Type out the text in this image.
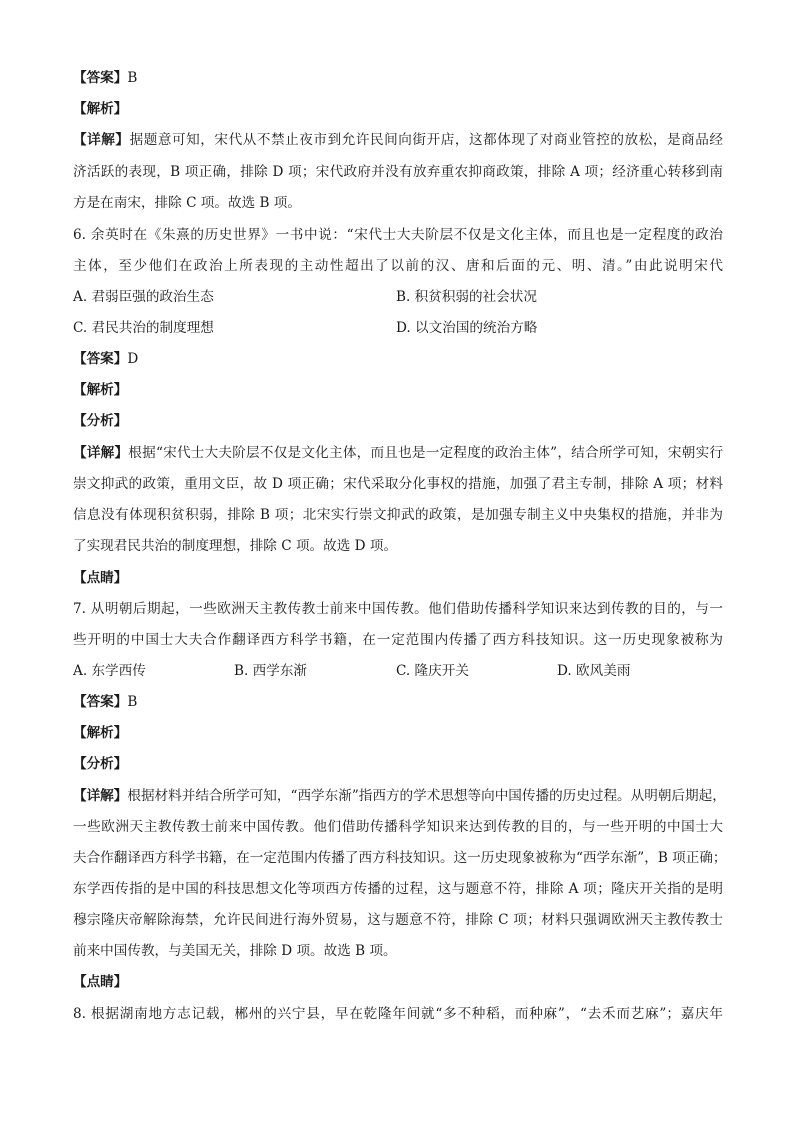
【答案】B
【解析】
【详解】据题意可知，宋代从不禁止夜市到允许民间向街开店，这都体现了对商业管控的放松，是商品经
济活跃的表现，B 项正确，排除 D 项；宋代政府并没有放弃重农抑商政策，排除 A 项；经济重心转移到南
方是在南宋，排除 C 项。故选 B 项。
6. 余英时在《朱熹的历史世界》一书中说：“宋代士大夫阶层不仅是文化主体，而且也是一定程度的政治
主体，至少他们在政治上所表现的主动性超出了以前的汉、唐和后面的元、明、清。”由此说明宋代
A. 君弱臣强的政治生态	B. 积贫积弱的社会状况
C. 君民共治的制度理想	D. 以文治国的统治方略
【答案】D
【解析】
【分析】
【详解】根据“宋代士大夫阶层不仅是文化主体，而且也是一定程度的政治主体”，结合所学可知，宋朝实行
崇文抑武的政策，重用文臣，故 D 项正确；宋代采取分化事权的措施，加强了君主专制，排除 A 项；材料
信息没有体现积贫积弱，排除 B 项；北宋实行崇文抑武的政策，是加强专制主义中央集权的措施，并非为
了实现君民共治的制度理想，排除 C 项。故选 D 项。
【点睛】
7. 从明朝后期起，一些欧洲天主教传教士前来中国传教。他们借助传播科学知识来达到传教的目的，与一
些开明的中国士大夫合作翻译西方科学书籍，在一定范围内传播了西方科技知识。这一历史现象被称为
A. 东学西传	B. 西学东渐	C. 隆庆开关	D. 欧风美雨
【答案】B
【解析】
【分析】
【详解】根据材料并结合所学可知，“西学东渐”指西方的学术思想等向中国传播的历史过程。从明朝后期起，
一些欧洲天主教传教士前来中国传教。他们借助传播科学知识来达到传教的目的，与一些开明的中国士大
夫合作翻译西方科学书籍，在一定范围内传播了西方科技知识。这一历史现象被称为“西学东渐”，B 项正确；
东学西传指的是中国的科技思想文化等项西方传播的过程，这与题意不符，排除 A 项；隆庆开关指的是明
穆宗隆庆帝解除海禁，允许民间进行海外贸易，这与题意不符，排除 C 项；材料只强调欧洲天主教传教士
前来中国传教，与美国无关，排除 D 项。故选 B 项。
【点睛】
8. 根据湖南地方志记载，郴州的兴宁县，早在乾隆年间就“多不种稻，而种麻”，“去禾而艺麻”；嘉庆年
